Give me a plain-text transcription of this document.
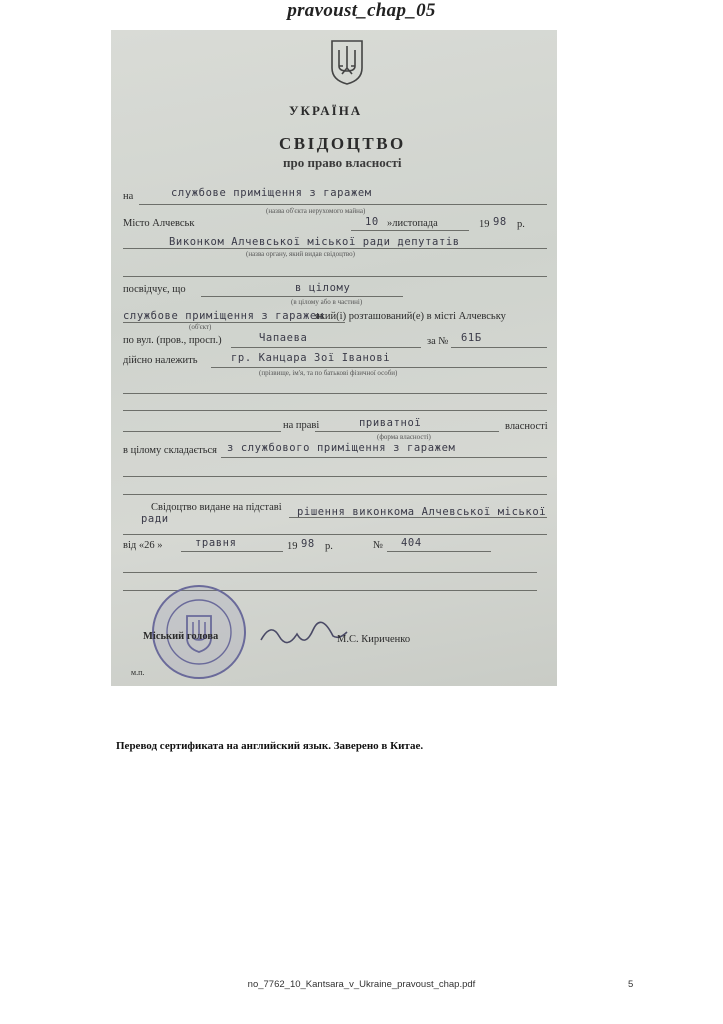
pravoust_chap_05
УКРАЇНА
СВІДОЦТВО
про право власності
на	службове приміщення з гаражем
(назва об'єкта нерухомого майна)
Місто Алчевськ	10 »листопада	19 98 р.
Виконком Алчевської міської ради депутатів
(назва органу, який видав свідоцтво)
посвідчує, що	в цілому
(в цілому або в частині)
службове приміщення з гаражем
який(і) розташований(е) в місті Алчевську
(об'єкт)
по вул. (пров., просп.)	Чапаева	за № 61Б
дійсно належить	гр. Канцара Зої Іванові
(прізвище, ім'я, та по батькові фізичної особи)
на праві	приватної	власності
(форма власності)
в цілому складається з службового приміщення з гаражем
Свідоцтво видане на підставі рішення виконкома Алчевської міської
ради
від «26 »	травня	19 98 р.	№ 404
Міський голова	М.С. Кириченко
м.п.
Перевод сертификата на английский язык. Заверено в Китае.
no_7762_10_Kantsara_v_Ukraine_pravoust_chap.pdf	5
